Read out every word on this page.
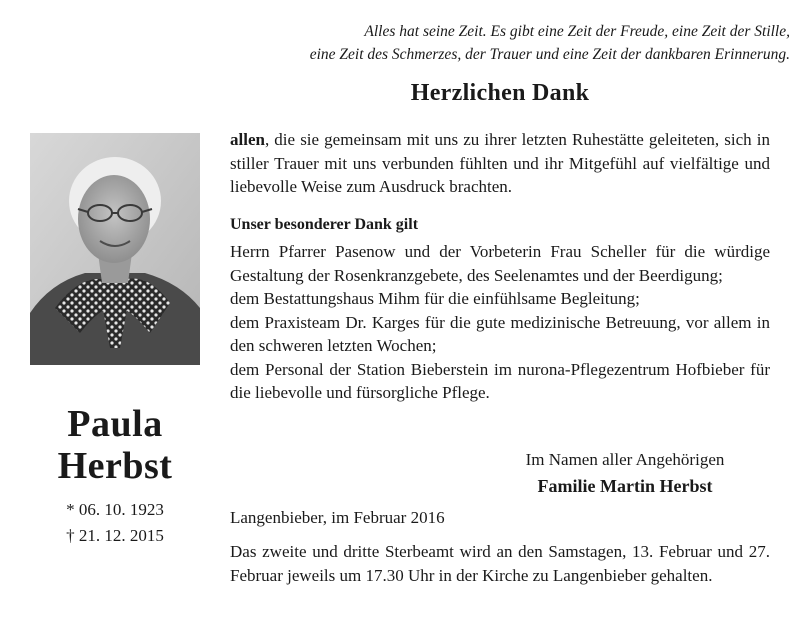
Alles hat seine Zeit. Es gibt eine Zeit der Freude, eine Zeit der Stille,

eine Zeit des Schmerzes, der Trauer und eine Zeit der dankbaren Erinnerung.

Herzlichen Dank

allen, die sie gemeinsam mit uns zu ihrer letzten Ruhestätte geleiteten, sich in stiller Trauer mit uns verbunden fühlten und ihr Mitgefühl auf vielfältige und liebevolle Weise zum Ausdruck brachten.

Unser besonderer Dank gilt

Herrn Pfarrer Pasenow und der Vorbeterin Frau Scheller für die würdige Gestaltung der Rosenkranzgebete, des Seelenamtes und der Beerdigung;

dem Bestattungshaus Mihm für die einfühlsame Begleitung;

dem Praxisteam Dr. Karges für die gute medizinische Betreuung, vor allem in den schweren letzten Wochen;

dem Personal der Station Bieberstein im nurona-Pflegezentrum Hofbieber für die liebevolle und fürsorgliche Pflege.

Im Namen aller Angehörigen
Familie Martin Herbst
Langenbieber, im Februar 2016
Das zweite und dritte Sterbeamt wird an den Samstagen, 13. Februar und 27. Februar jeweils um 17.30 Uhr in der Kirche zu Langenbieber gehalten.
Paula
Herbst
* 06. 10. 1923
† 21. 12. 2015
